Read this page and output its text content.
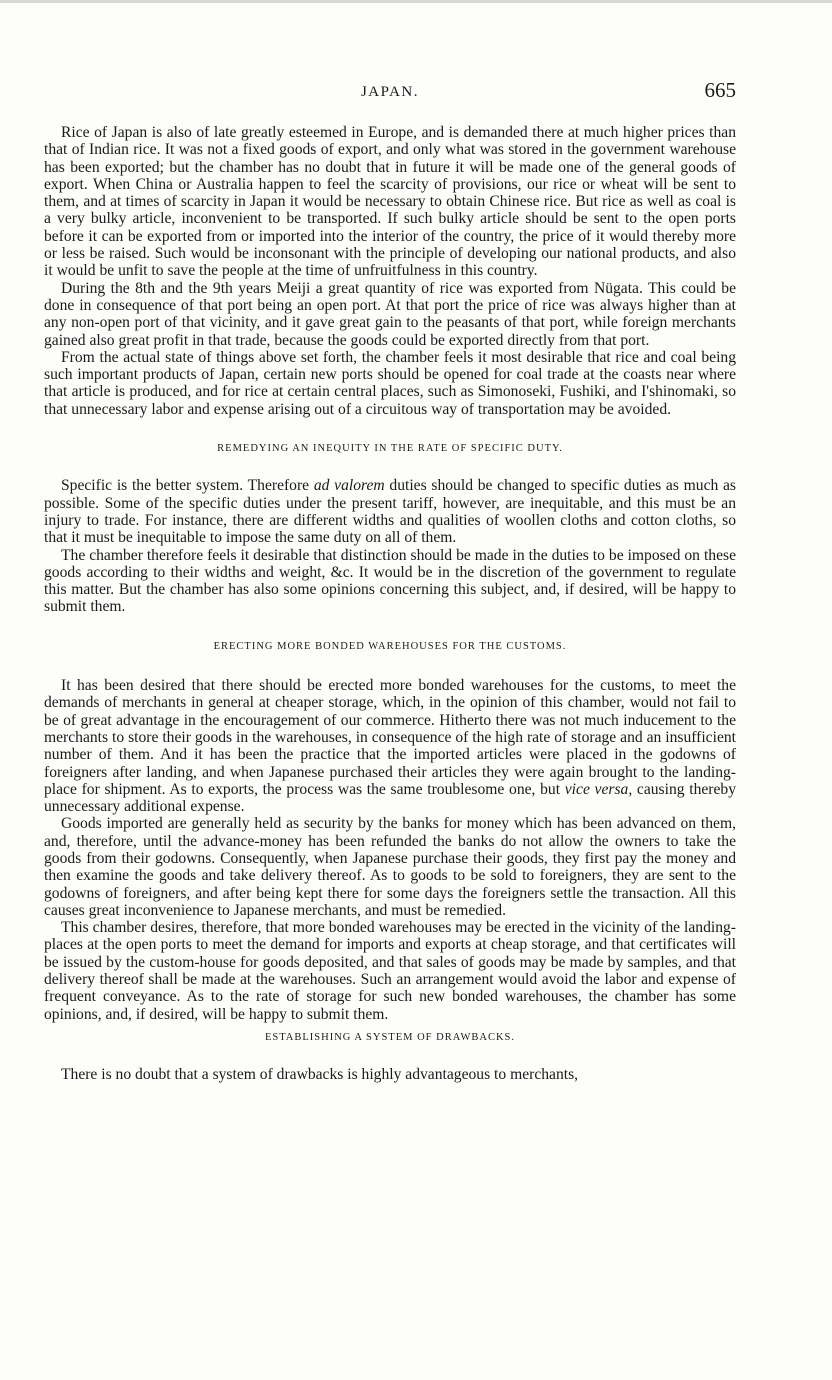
JAPAN.	665

Rice of Japan is also of late greatly esteemed in Europe, and is demanded there at much higher prices than that of Indian rice. It was not a fixed goods of export, and only what was stored in the government warehouse has been exported; but the chamber has no doubt that in future it will be made one of the general goods of export. When China or Australia happen to feel the scarcity of provisions, our rice or wheat will be sent to them, and at times of scarcity in Japan it would be necessary to obtain Chinese rice. But rice as well as coal is a very bulky article, inconvenient to be transported. If such bulky article should be sent to the open ports before it can be exported from or imported into the interior of the country, the price of it would thereby more or less be raised. Such would be inconsonant with the principle of developing our national products, and also it would be unfit to save the people at the time of unfruitfulness in this country.

During the 8th and the 9th years Meiji a great quantity of rice was exported from Nügata. This could be done in consequence of that port being an open port. At that port the price of rice was always higher than at any non-open port of that vicinity, and it gave great gain to the peasants of that port, while foreign merchants gained also great profit in that trade, because the goods could be exported directly from that port.

From the actual state of things above set forth, the chamber feels it most desirable that rice and coal being such important products of Japan, certain new ports should be opened for coal trade at the coasts near where that article is produced, and for rice at certain central places, such as Simonoseki, Fushiki, and I'shinomaki, so that unnecessary labor and expense arising out of a circuitous way of transportation may be avoided.

REMEDYING AN INEQUITY IN THE RATE OF SPECIFIC DUTY.

Specific is the better system. Therefore ad valorem duties should be changed to specific duties as much as possible. Some of the specific duties under the present tariff, however, are inequitable, and this must be an injury to trade. For instance, there are different widths and qualities of woollen cloths and cotton cloths, so that it must be inequitable to impose the same duty on all of them.

The chamber therefore feels it desirable that distinction should be made in the duties to be imposed on these goods according to their widths and weight, &c. It would be in the discretion of the government to regulate this matter. But the chamber has also some opinions concerning this subject, and, if desired, will be happy to submit them.

ERECTING MORE BONDED WAREHOUSES FOR THE CUSTOMS.

It has been desired that there should be erected more bonded warehouses for the customs, to meet the demands of merchants in general at cheaper storage, which, in the opinion of this chamber, would not fail to be of great advantage in the encouragement of our commerce. Hitherto there was not much inducement to the merchants to store their goods in the warehouses, in consequence of the high rate of storage and an insufficient number of them. And it has been the practice that the imported articles were placed in the godowns of foreigners after landing, and when Japanese purchased their articles they were again brought to the landing-place for shipment. As to exports, the process was the same troublesome one, but vice versa, causing thereby unnecessary additional expense.

Goods imported are generally held as security by the banks for money which has been advanced on them, and, therefore, until the advance-money has been refunded the banks do not allow the owners to take the goods from their godowns. Consequently, when Japanese purchase their goods, they first pay the money and then examine the goods and take delivery thereof. As to goods to be sold to foreigners, they are sent to the godowns of foreigners, and after being kept there for some days the foreigners settle the transaction. All this causes great inconvenience to Japanese merchants, and must be remedied.

This chamber desires, therefore, that more bonded warehouses may be erected in the vicinity of the landing-places at the open ports to meet the demand for imports and exports at cheap storage, and that certificates will be issued by the custom-house for goods deposited, and that sales of goods may be made by samples, and that delivery thereof shall be made at the warehouses. Such an arrangement would avoid the labor and expense of frequent conveyance. As to the rate of storage for such new bonded warehouses, the chamber has some opinions, and, if desired, will be happy to submit them.

ESTABLISHING A SYSTEM OF DRAWBACKS.

There is no doubt that a system of drawbacks is highly advantageous to merchants,
